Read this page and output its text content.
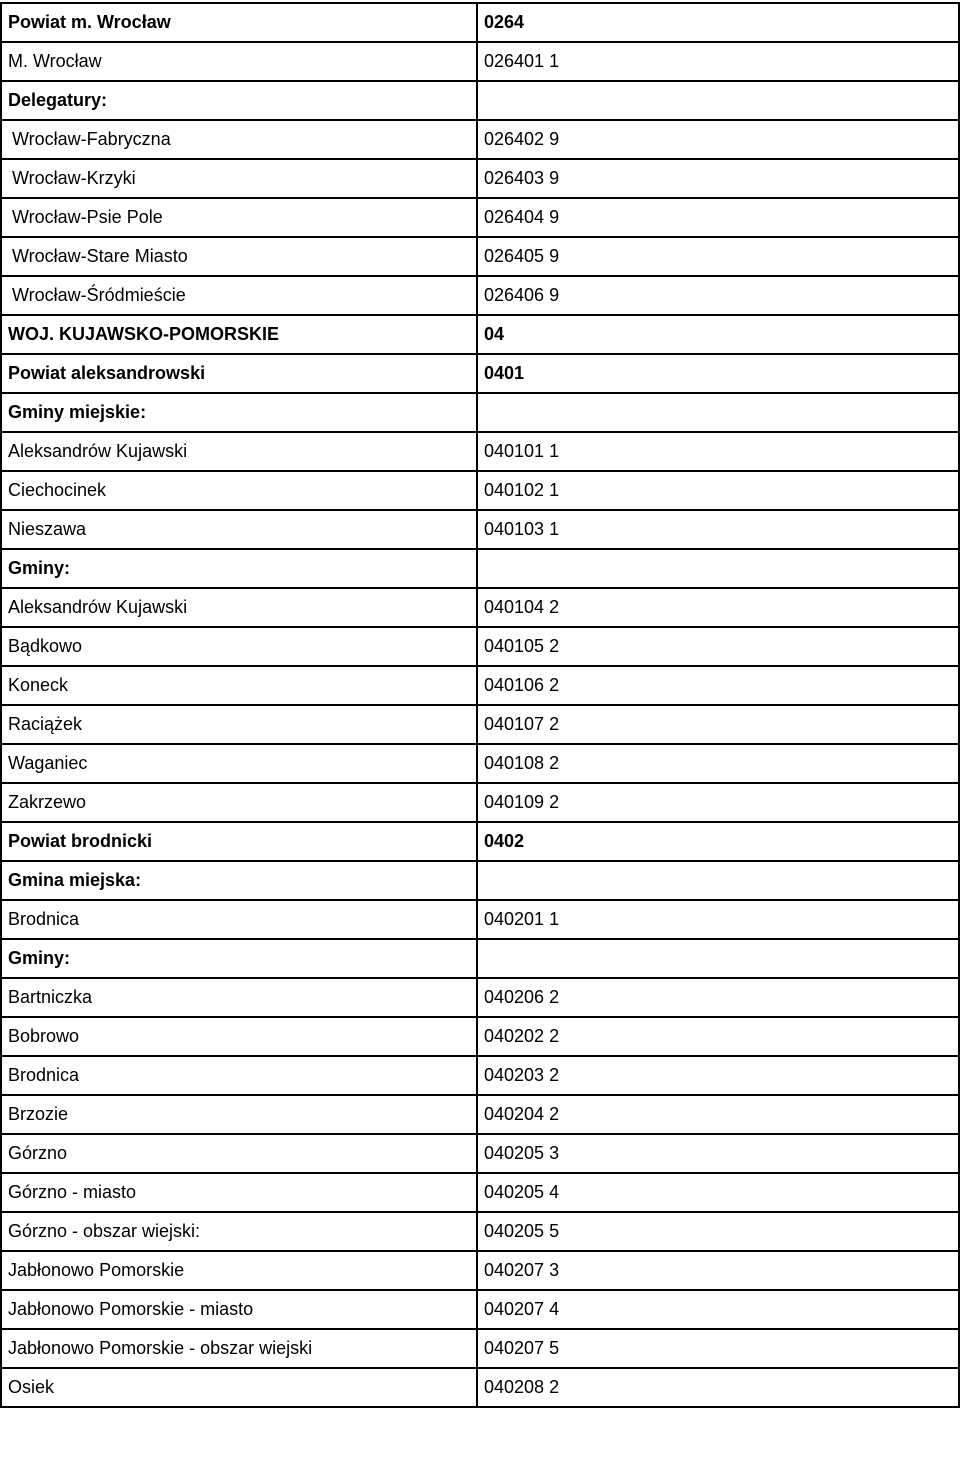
Powiat m. Wrocław	0264
M. Wrocław	026401 1
Delegatury:	
Wrocław-Fabryczna	026402 9
Wrocław-Krzyki	026403 9
Wrocław-Psie Pole	026404 9
Wrocław-Stare Miasto	026405 9
Wrocław-Śródmieście	026406 9
WOJ. KUJAWSKO-POMORSKIE	04
Powiat aleksandrowski	0401
Gminy miejskie:	
Aleksandrów Kujawski	040101 1
Ciechocinek	040102 1
Nieszawa	040103 1
Gminy:	
Aleksandrów Kujawski	040104 2
Bądkowo	040105 2
Koneck	040106 2
Raciążek	040107 2
Waganiec	040108 2
Zakrzewo	040109 2
Powiat brodnicki	0402
Gmina miejska:	
Brodnica	040201 1
Gminy:	
Bartniczka	040206 2
Bobrowo	040202 2
Brodnica	040203 2
Brzozie	040204 2
Górzno	040205 3
Górzno - miasto	040205 4
Górzno - obszar wiejski:	040205 5
Jabłonowo Pomorskie	040207 3
Jabłonowo Pomorskie - miasto	040207 4
Jabłonowo Pomorskie - obszar wiejski	040207 5
Osiek	040208 2
